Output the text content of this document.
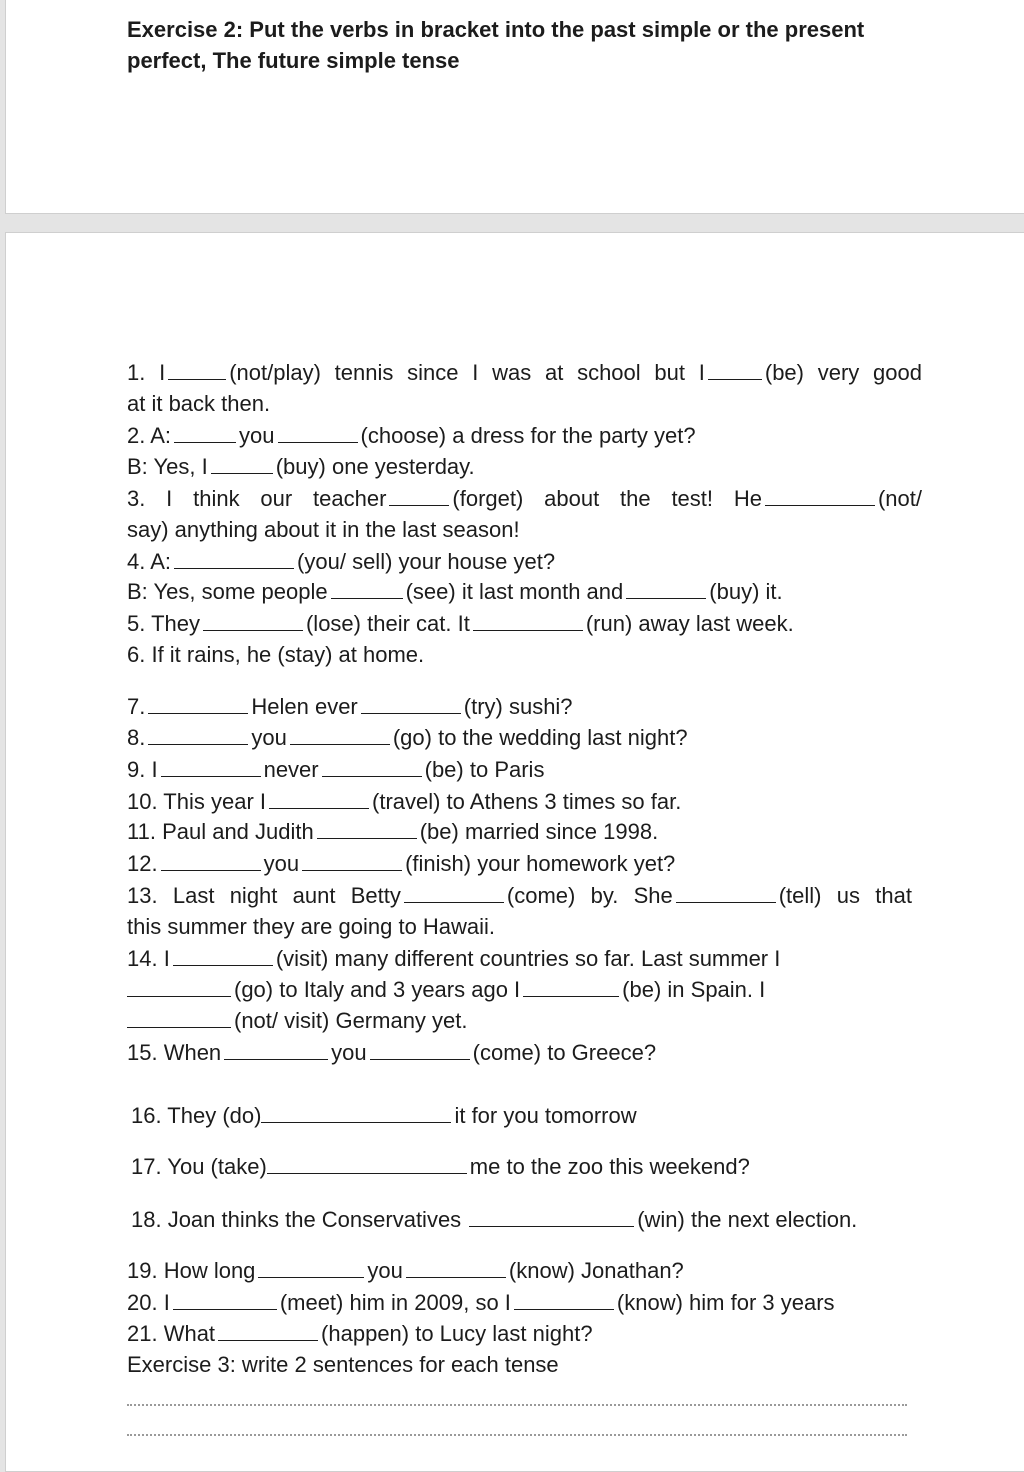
Exercise 2: Put the verbs in bracket into the past simple or the present perfect, The future simple tense
1. I	(not/play) tennis since I was at school but I	(be) very good
at it back then.
2. A:	you	(choose) a dress for the party yet?
B: Yes, I	(buy) one yesterday.
3. I think our teacher	(forget) about the test! He	(not/
say) anything about it in the last season!
4. A:	(you/ sell) your house yet?
B: Yes, some people	(see) it last month and	(buy) it.
5. They	(lose) their cat. It	(run) away last week.
6. If it rains, he (stay) at home.
7.	Helen ever	(try) sushi?
8.	you	(go) to the wedding last night?
9. I	never	(be) to Paris
10. This year I	(travel) to Athens 3 times so far.
11. Paul and Judith	(be) married since 1998.
12.	you	(finish) your homework yet?
13. Last night aunt Betty	(come) by. She	(tell) us that
this summer they are going to Hawaii.
14. I	(visit) many different countries so far. Last summer I
(go) to Italy and 3 years ago I	(be) in Spain. I
(not/ visit) Germany yet.
15. When	you	(come) to Greece?
16. They (do)	it for you tomorrow
17. You (take)	me to the zoo this weekend?
18. Joan thinks the Conservatives	(win) the next election.
19. How long	you	(know) Jonathan?
20. I	(meet) him in 2009, so I	(know) him for 3 years
21. What	(happen) to Lucy last night?
Exercise 3: write 2 sentences for each tense
